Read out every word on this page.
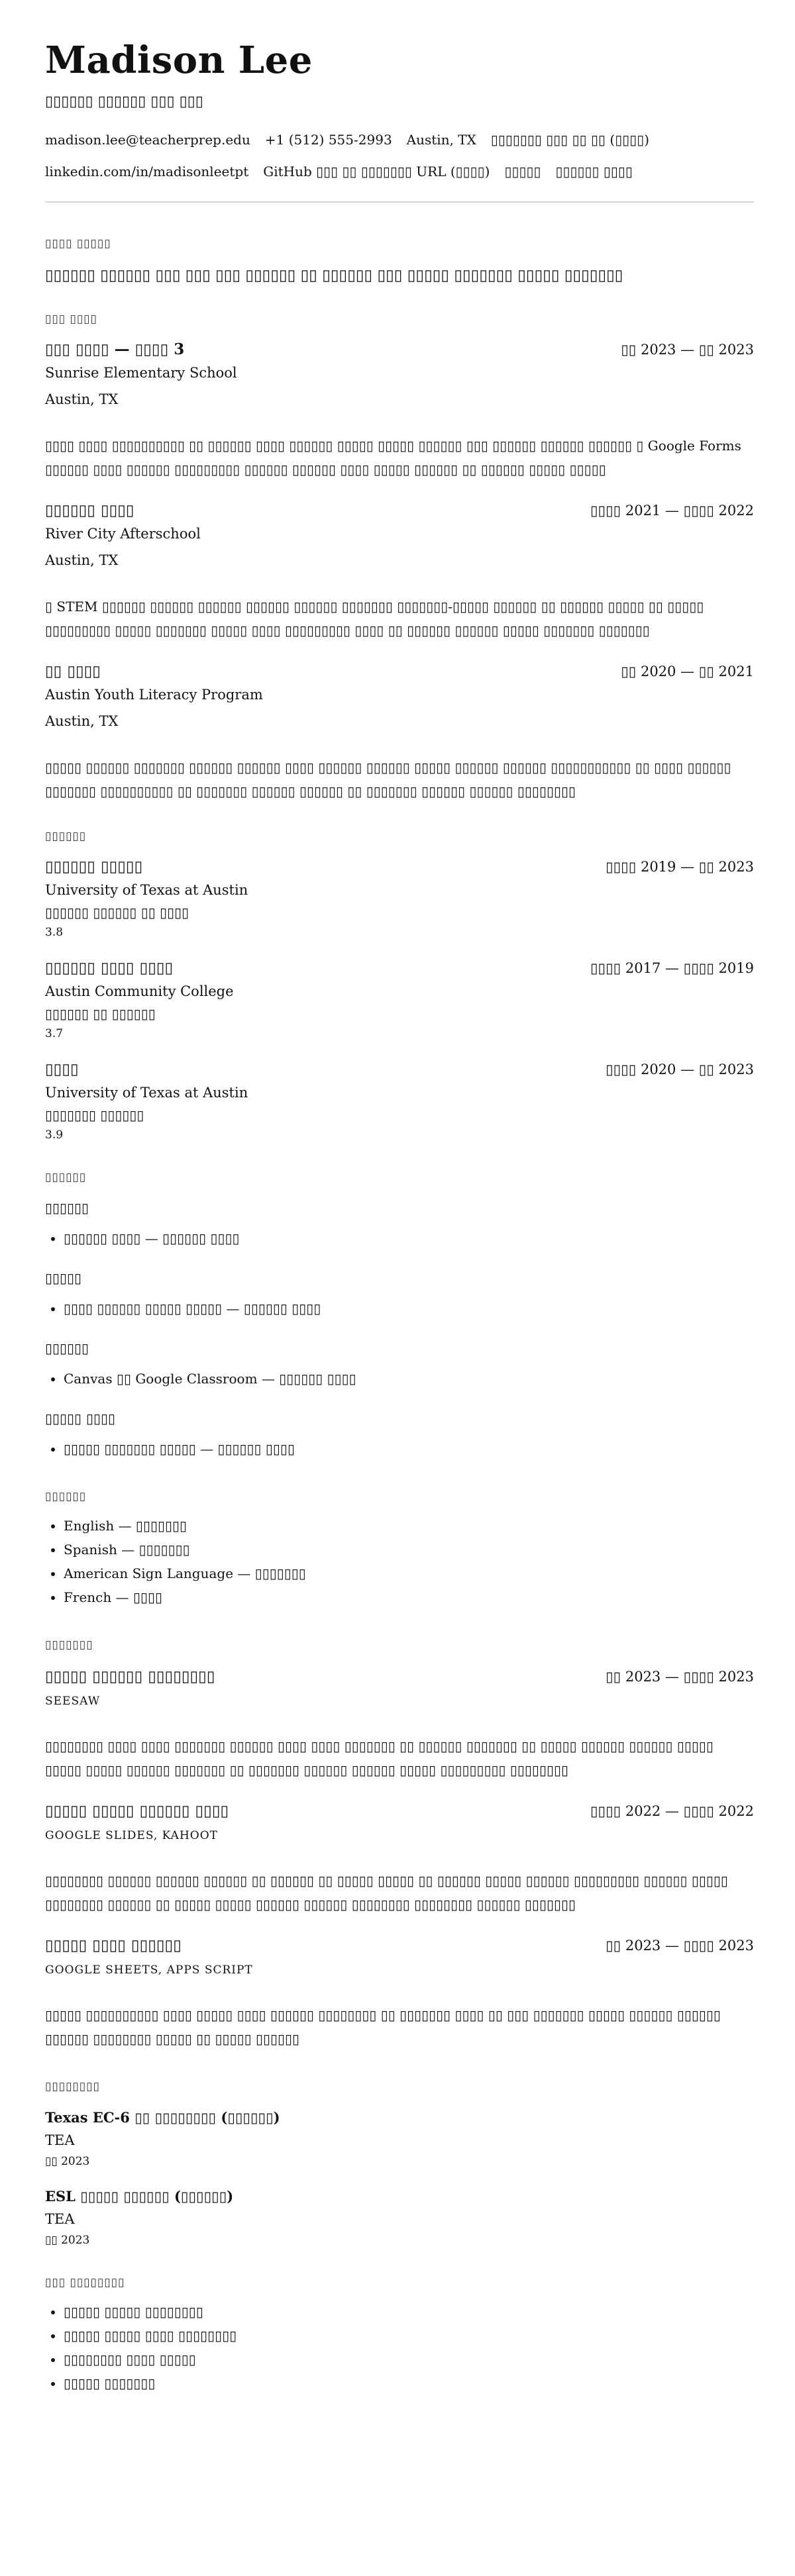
Madison Lee
▯▯▯▯▯▯ ▯▯▯▯▯▯ ▯▯▯ ▯▯▯
madison.lee@teacherprep.edu +1 (512) 555-2993 Austin, TX ▯▯▯▯▯▯▯ ▯▯▯ ▯▯ ▯▯ (▯▯▯▯)
linkedin.com/in/madisonleetpt GitHub ▯▯▯ ▯▯ ▯▯▯▯▯▯▯ URL (▯▯▯▯) ▯▯▯▯▯ ▯▯▯▯▯▯ ▯▯▯▯
▯▯▯▯ ▯▯▯▯▯
▯▯▯▯▯▯ ▯▯▯▯▯▯ ▯▯▯ ▯▯▯ ▯▯▯ ▯▯▯▯▯▯ ▯▯ ▯▯▯▯▯▯ ▯▯▯ ▯▯▯▯▯ ▯▯▯▯▯▯▯ ▯▯▯▯▯ ▯▯▯▯▯▯▯
▯▯▯ ▯▯▯▯
▯▯▯ ▯▯▯▯ — ▯▯▯▯ 3	▯▯ 2023 — ▯▯ 2023
Sunrise Elementary School
Austin, TX
▯▯▯▯ ▯▯▯▯ ▯▯▯▯▯▯▯▯▯▯ ▯▯ ▯▯▯▯▯▯ ▯▯▯▯ ▯▯▯▯▯▯ ▯▯▯▯▯ ▯▯▯▯▯ ▯▯▯▯▯▯ ▯▯▯ ▯▯▯▯▯▯ ▯▯▯▯▯▯ ▯▯▯▯▯▯ ▯ Google Forms ▯▯▯▯▯▯ ▯▯▯▯ ▯▯▯▯▯▯ ▯▯▯▯▯▯▯▯▯ ▯▯▯▯▯▯ ▯▯▯▯▯▯ ▯▯▯▯ ▯▯▯▯▯ ▯▯▯▯▯▯ ▯▯ ▯▯▯▯▯▯ ▯▯▯▯▯ ▯▯▯▯▯
▯▯▯▯▯▯ ▯▯▯▯	▯▯▯▯ 2021 — ▯▯▯▯ 2022
River City Afterschool
Austin, TX
▯ STEM ▯▯▯▯▯▯ ▯▯▯▯▯▯ ▯▯▯▯▯▯ ▯▯▯▯▯▯ ▯▯▯▯▯▯ ▯▯▯▯▯▯▯ ▯▯▯▯▯▯▯-▯▯▯▯▯ ▯▯▯▯▯▯ ▯▯ ▯▯▯▯▯▯ ▯▯▯▯▯ ▯▯ ▯▯▯▯▯ ▯▯▯▯▯▯▯▯▯ ▯▯▯▯▯ ▯▯▯▯▯▯▯ ▯▯▯▯▯ ▯▯▯▯ ▯▯▯▯▯▯▯▯▯ ▯▯▯▯ ▯▯ ▯▯▯▯▯▯ ▯▯▯▯▯▯ ▯▯▯▯▯ ▯▯▯▯▯▯▯ ▯▯▯▯▯▯▯
▯▯ ▯▯▯▯	▯▯ 2020 — ▯▯ 2021
Austin Youth Literacy Program
Austin, TX
▯▯▯▯▯ ▯▯▯▯▯▯ ▯▯▯▯▯▯▯ ▯▯▯▯▯▯ ▯▯▯▯▯▯ ▯▯▯▯ ▯▯▯▯▯▯ ▯▯▯▯▯▯ ▯▯▯▯▯ ▯▯▯▯▯▯ ▯▯▯▯▯▯ ▯▯▯▯▯▯▯▯▯▯▯ ▯▯ ▯▯▯▯ ▯▯▯▯▯▯ ▯▯▯▯▯▯▯ ▯▯▯▯▯▯▯▯▯▯ ▯▯ ▯▯▯▯▯▯▯ ▯▯▯▯▯▯ ▯▯▯▯▯▯ ▯▯ ▯▯▯▯▯▯▯ ▯▯▯▯▯▯ ▯▯▯▯▯▯ ▯▯▯▯▯▯▯▯
▯▯▯▯▯▯
▯▯▯▯▯▯ ▯▯▯▯▯	▯▯▯▯ 2019 — ▯▯ 2023
University of Texas at Austin
▯▯▯▯▯▯ ▯▯▯▯▯▯ ▯▯ ▯▯▯▯
3.8
▯▯▯▯▯▯ ▯▯▯▯ ▯▯▯▯	▯▯▯▯ 2017 — ▯▯▯▯ 2019
Austin Community College
▯▯▯▯▯▯ ▯▯ ▯▯▯▯▯▯
3.7
▯▯▯▯	▯▯▯▯ 2020 — ▯▯ 2023
University of Texas at Austin
▯▯▯▯▯▯▯ ▯▯▯▯▯▯
3.9
▯▯▯▯▯▯
▯▯▯▯▯▯
• ▯▯▯▯▯▯ ▯▯▯▯ — ▯▯▯▯▯▯ ▯▯▯▯
▯▯▯▯▯
• ▯▯▯▯ ▯▯▯▯▯▯ ▯▯▯▯▯ ▯▯▯▯▯ — ▯▯▯▯▯▯ ▯▯▯▯
▯▯▯▯▯▯
• Canvas ▯▯ Google Classroom — ▯▯▯▯▯▯ ▯▯▯▯
▯▯▯▯▯ ▯▯▯▯
• ▯▯▯▯▯ ▯▯▯▯▯▯▯ ▯▯▯▯▯ — ▯▯▯▯▯▯ ▯▯▯▯
▯▯▯▯▯▯
• English — ▯▯▯▯▯▯▯
• Spanish — ▯▯▯▯▯▯▯
• American Sign Language — ▯▯▯▯▯▯▯
• French — ▯▯▯▯
▯▯▯▯▯▯▯
▯▯▯▯▯ ▯▯▯▯▯▯ ▯▯▯▯▯▯▯▯	▯▯ 2023 — ▯▯▯▯ 2023
SEESAW
▯▯▯▯▯▯▯▯ ▯▯▯▯ ▯▯▯▯ ▯▯▯▯▯▯▯ ▯▯▯▯▯▯ ▯▯▯▯ ▯▯▯▯ ▯▯▯▯▯▯▯ ▯▯ ▯▯▯▯▯▯ ▯▯▯▯▯▯▯ ▯▯ ▯▯▯▯▯ ▯▯▯▯▯▯ ▯▯▯▯▯▯ ▯▯▯▯▯ ▯▯▯▯▯ ▯▯▯▯▯ ▯▯▯▯▯▯ ▯▯▯▯▯▯▯ ▯▯ ▯▯▯▯▯▯▯ ▯▯▯▯▯▯ ▯▯▯▯▯▯ ▯▯▯▯▯ ▯▯▯▯▯▯▯▯▯ ▯▯▯▯▯▯▯▯
▯▯▯▯▯ ▯▯▯▯▯ ▯▯▯▯▯▯ ▯▯▯▯	▯▯▯▯ 2022 — ▯▯▯▯ 2022
GOOGLE SLIDES, KAHOOT
▯▯▯▯▯▯▯▯ ▯▯▯▯▯▯ ▯▯▯▯▯▯ ▯▯▯▯▯▯ ▯▯ ▯▯▯▯▯▯ ▯▯ ▯▯▯▯▯ ▯▯▯▯▯ ▯▯ ▯▯▯▯▯▯ ▯▯▯▯▯ ▯▯▯▯▯▯ ▯▯▯▯▯▯▯▯▯ ▯▯▯▯▯▯ ▯▯▯▯▯ ▯▯▯▯▯▯▯▯ ▯▯▯▯▯▯ ▯▯ ▯▯▯▯▯ ▯▯▯▯▯ ▯▯▯▯▯▯ ▯▯▯▯▯▯ ▯▯▯▯▯▯▯▯ ▯▯▯▯▯▯▯▯ ▯▯▯▯▯▯ ▯▯▯▯▯▯▯
▯▯▯▯▯ ▯▯▯▯ ▯▯▯▯▯▯	▯▯ 2023 — ▯▯▯▯ 2023
GOOGLE SHEETS, APPS SCRIPT
▯▯▯▯▯ ▯▯▯▯▯▯▯▯▯▯ ▯▯▯▯ ▯▯▯▯▯ ▯▯▯▯ ▯▯▯▯▯▯ ▯▯▯▯▯▯▯▯ ▯▯ ▯▯▯▯▯▯▯ ▯▯▯▯ ▯▯ ▯▯▯ ▯▯▯▯▯▯▯ ▯▯▯▯▯ ▯▯▯▯▯▯ ▯▯▯▯▯▯ ▯▯▯▯▯▯ ▯▯▯▯▯▯▯▯ ▯▯▯▯▯ ▯▯ ▯▯▯▯▯ ▯▯▯▯▯▯
▯▯▯▯▯▯▯▯
Texas EC-6 ▯▯ ▯▯▯▯▯▯▯▯ (▯▯▯▯▯▯)
TEA
▯▯ 2023
ESL ▯▯▯▯▯ ▯▯▯▯▯▯ (▯▯▯▯▯▯)
TEA
▯▯ 2023
▯▯▯ ▯▯▯▯▯▯▯▯
• ▯▯▯▯▯ ▯▯▯▯▯ ▯▯▯▯▯▯▯▯
• ▯▯▯▯▯ ▯▯▯▯▯ ▯▯▯▯ ▯▯▯▯▯▯▯▯
• ▯▯▯▯▯▯▯▯ ▯▯▯▯ ▯▯▯▯▯
• ▯▯▯▯▯ ▯▯▯▯▯▯▯
